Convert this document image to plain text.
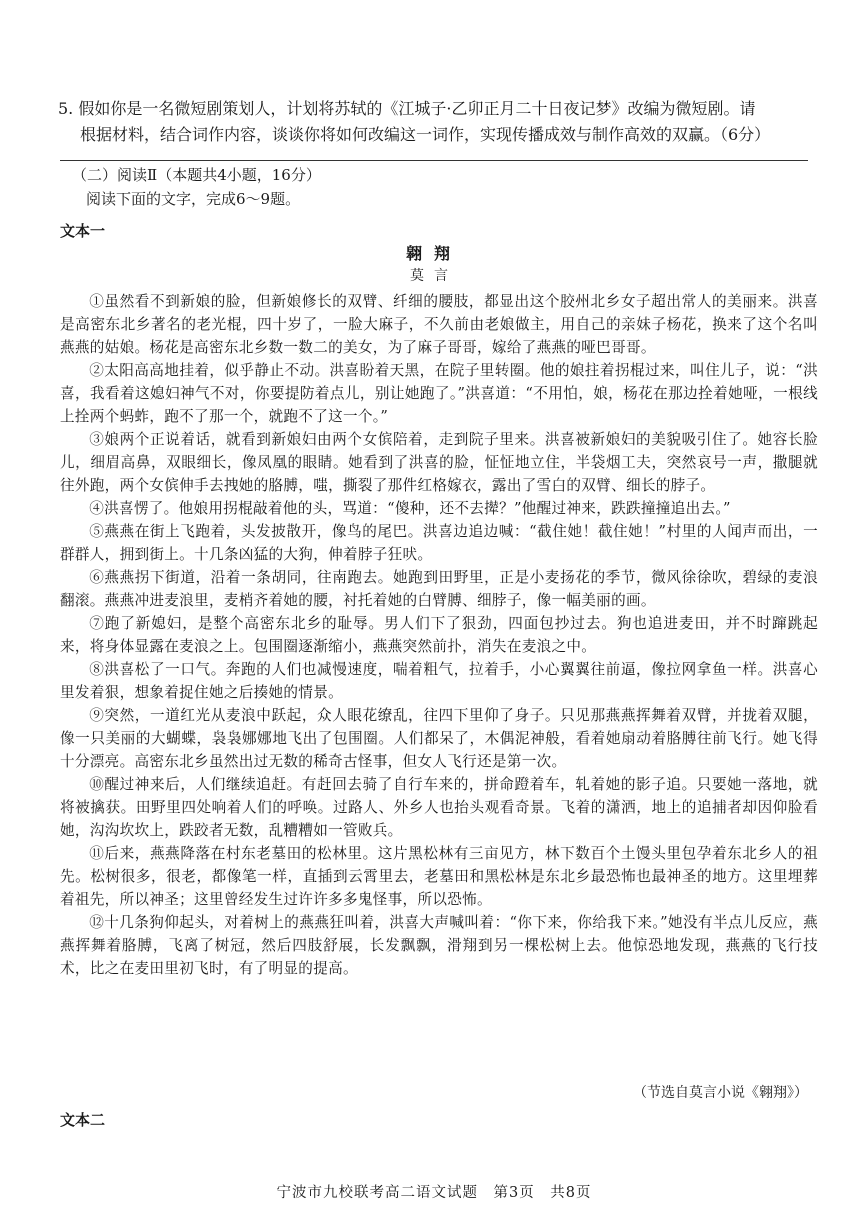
5. 假如你是一名微短剧策划人，计划将苏轼的《江城子·乙卯正月二十日夜记梦》改编为微短剧。请
根据材料，结合词作内容，谈谈你将如何改编这一词作，实现传播成效与制作高效的双赢。（6分）
（二）阅读Ⅱ（本题共4小题，16分）
阅读下面的文字，完成6～9题。
文本一
翱翔
莫言

①虽然看不到新娘的脸，但新娘修长的双臂、纤细的腰肢，都显出这个胶州北乡女子超出常人的美丽来。洪喜是高密东北乡著名的老光棍，四十岁了，一脸大麻子，不久前由老娘做主，用自己的亲妹子杨花，换来了这个名叫燕燕的姑娘。杨花是高密东北乡数一数二的美女，为了麻子哥哥，嫁给了燕燕的哑巴哥哥。

②太阳高高地挂着，似乎静止不动。洪喜盼着天黑，在院子里转圈。他的娘拄着拐棍过来，叫住儿子，说：“洪喜，我看着这媳妇神气不对，你要提防着点儿，别让她跑了。”洪喜道：“不用怕，娘，杨花在那边拴着她哑，一根线上拴两个蚂蚱，跑不了那一个，就跑不了这一个。”

③娘两个正说着话，就看到新娘妇由两个女傧陪着，走到院子里来。洪喜被新娘妇的美貌吸引住了。她容长脸儿，细眉高鼻，双眼细长，像凤凰的眼睛。她看到了洪喜的脸，怔怔地立住，半袋烟工夫，突然哀号一声，撒腿就往外跑，两个女傧伸手去拽她的胳膊，嗤，撕裂了那件红格嫁衣，露出了雪白的双臂、细长的脖子。

④洪喜愣了。他娘用拐棍敲着他的头，骂道：“傻种，还不去撵？”他醒过神来，跌跌撞撞追出去。”

⑤燕燕在街上飞跑着，头发披散开，像鸟的尾巴。洪喜边追边喊：“截住她！截住她！”村里的人闻声而出，一群群人，拥到街上。十几条凶猛的大狗，伸着脖子狂吠。

⑥燕燕拐下街道，沿着一条胡同，往南跑去。她跑到田野里，正是小麦扬花的季节，微风徐徐吹，碧绿的麦浪翻滚。燕燕冲进麦浪里，麦梢齐着她的腰，衬托着她的白臂膊、细脖子，像一幅美丽的画。

⑦跑了新媳妇，是整个高密东北乡的耻辱。男人们下了狠劲，四面包抄过去。狗也追进麦田，并不时蹿跳起来，将身体显露在麦浪之上。包围圈逐渐缩小，燕燕突然前扑，消失在麦浪之中。

⑧洪喜松了一口气。奔跑的人们也减慢速度，喘着粗气，拉着手，小心翼翼往前逼，像拉网拿鱼一样。洪喜心里发着狠，想象着捉住她之后揍她的情景。

⑨突然，一道红光从麦浪中跃起，众人眼花缭乱，往四下里仰了身子。只见那燕燕挥舞着双臂，并拢着双腿，像一只美丽的大蝴蝶，袅袅娜娜地飞出了包围圈。人们都呆了，木偶泥神般，看着她扇动着胳膊往前飞行。她飞得十分漂亮。高密东北乡虽然出过无数的稀奇古怪事，但女人飞行还是第一次。

⑩醒过神来后，人们继续追赶。有赶回去骑了自行车来的，拼命蹬着车，轧着她的影子追。只要她一落地，就将被擒获。田野里四处响着人们的呼唤。过路人、外乡人也抬头观看奇景。飞着的潇洒，地上的追捕者却因仰脸看她，沟沟坎坎上，跌跤者无数，乱糟糟如一管败兵。

⑪后来，燕燕降落在村东老墓田的松林里。这片黑松林有三亩见方，林下数百个土馒头里包孕着东北乡人的祖先。松树很多，很老，都像笔一样，直插到云霄里去，老墓田和黑松林是东北乡最恐怖也最神圣的地方。这里埋葬着祖先，所以神圣；这里曾经发生过许许多多鬼怪事，所以恐怖。

⑫十几条狗仰起头，对着树上的燕燕狂叫着，洪喜大声喊叫着：“你下来，你给我下来。”她没有半点儿反应，燕燕挥舞着胳膊，飞离了树冠，然后四肢舒展，长发飘飘，滑翔到另一棵松树上去。他惊恐地发现，燕燕的飞行技术，比之在麦田里初飞时，有了明显的提高。

（节选自莫言小说《翱翔》）
文本二
宁波市九校联考高二语文试题　第3页　共8页
